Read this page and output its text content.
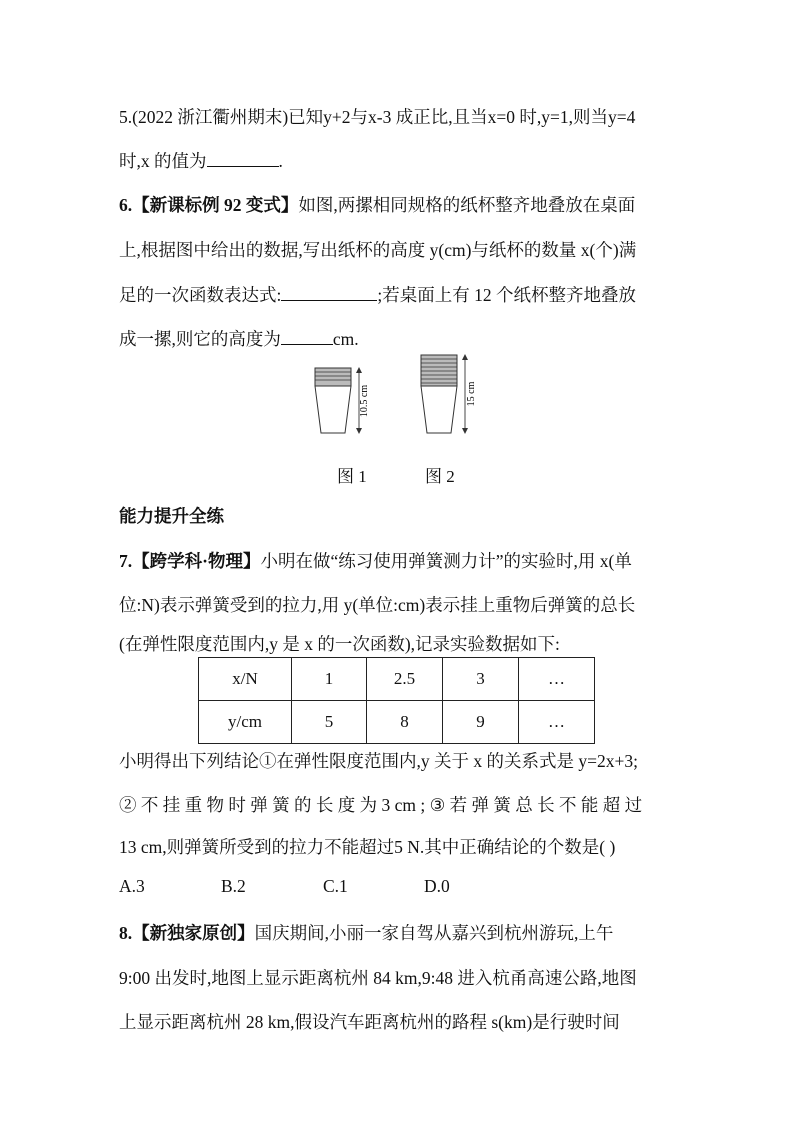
5.(2022 浙江衢州期末)已知y+2与x-3 成正比,且当x=0 时,y=1,则当y=4
时,x 的值为	.
6.【新课标例 92 变式】如图,两摞相同规格的纸杯整齐地叠放在桌面
上,根据图中给出的数据,写出纸杯的高度 y(cm)与纸杯的数量 x(个)满
足的一次函数表达式:	;若桌面上有 12 个纸杯整齐地叠放
成一摞,则它的高度为	cm.
10.5 cm	15 cm
图 1	图 2
能力提升全练
7.【跨学科·物理】小明在做“练习使用弹簧测力计”的实验时,用 x(单
位:N)表示弹簧受到的拉力,用 y(单位:cm)表示挂上重物后弹簧的总长
(在弹性限度范围内,y 是 x 的一次函数),记录实验数据如下:
x/N	1	2.5	3	…
y/cm	5	8	9	…
小明得出下列结论①在弹性限度范围内,y 关于 x 的关系式是 y=2x+3;
② 不 挂 重 物 时 弹 簧 的 长 度 为 3 cm ; ③ 若 弹 簧 总 长 不 能 超 过
13 cm,则弹簧所受到的拉力不能超过5 N.其中正确结论的个数是( )
A.3	B.2	C.1	D.0
8.【新独家原创】国庆期间,小丽一家自驾从嘉兴到杭州游玩,上午
9:00 出发时,地图上显示距离杭州 84 km,9:48 进入杭甬高速公路,地图
上显示距离杭州 28 km,假设汽车距离杭州的路程 s(km)是行驶时间
